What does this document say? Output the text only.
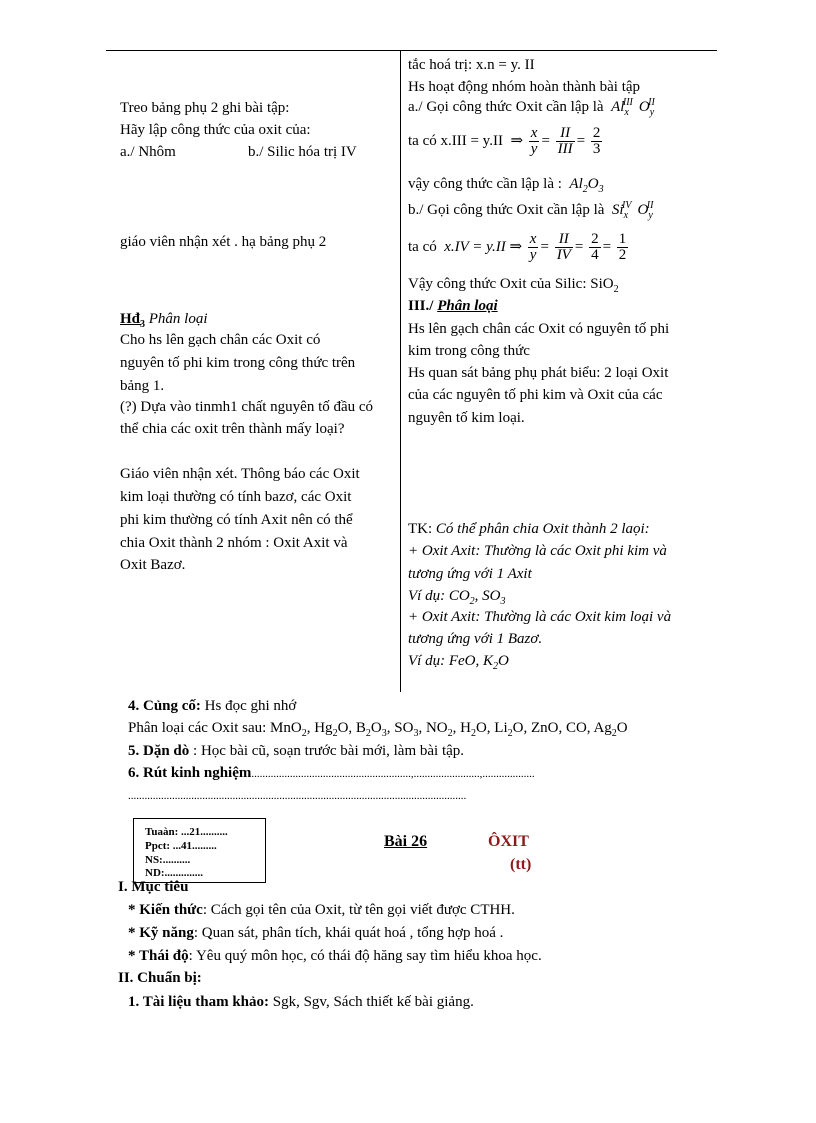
Treo bảng phụ 2 ghi bài tập:
Hãy lập công thức của oxit của:
a./ Nhôm	b./ Silic hóa trị IV
giáo viên nhận xét . hạ bảng phụ 2
$Hđ_3$ Phân loại
Cho hs lên gạch chân các Oxit có
nguyên tố phi kim trong công thức trên
bảng 1.
(?) Dựa vào tinmh1 chất nguyên tố đầu có
thể chia các oxit trên thành mấy loại?
Giáo viên nhận xét. Thông báo các Oxit
kim loại thường có tính bazơ, các Oxit
phi kim thường có tính Axit nên có thể
chia Oxit thành 2 nhóm : Oxit Axit và
Oxit Bazơ.
tắc hoá trị: x.n = y. II
Hs hoạt động nhóm hoàn thành bài tập
a./ Gọi công thức Oxit cần lập là  $Al_x^{III}$ $O_y^{II}$
ta có x.III = y.II  ⇒ $\frac{x}{y} = \frac{II}{\text{III}} = \frac{2}{3}$
vậy công thức cần lập là :  $Al_2O_3$
b./ Gọi công thức Oxit cần lập là  $Si_x^{IV}$ $O_y^{II}$
ta có  x.IV = y.II ⇒ $\frac{x}{y} = \frac{II}{IV} = \frac{2}{4} = \frac{1}{2}$
Vậy công thức Oxit của Silic: SiO$_2$
III./ Phân loại
Hs lên gạch chân các Oxit có nguyên tố phi
kim trong công thức
Hs quan sát bảng phụ phát biểu: 2 loại Oxit
của các nguyên tố phi kim và Oxit của các
nguyên tố kim loại.
TK: Có thể phân chia Oxit thành 2 laọi:
+ Oxit Axit: Thường là các Oxit phi kim và
tương ứng với 1 Axit
Ví dụ: $CO_2$, $SO_3$
+ Oxit Axit: Thường là các Oxit kim loại và
tương ứng với 1 Bazơ.
Ví dụ: FeO, $K_2O$
4. Củng cố: Hs đọc ghi nhớ
Phân loại các Oxit sau: MnO$_2$, $Hg_2O$, $B_2O_3$, $SO_3$, $NO_2$, $H_2O$, $Li_2O$, ZnO, CO, $Ag_2O$
5. Dặn dò : Học bài cũ, soạn trước bài mới, làm bài tập.
6. Rút kinh nghiệm..........................................................,........................,...................
...........................................................................................................................
Tuaàn: ...21..........
Ppct: ...41.........
NS:..........
ND:..............
Bài 26	ÔXIT
(tt)
I. Mục tiêu
* Kiến thức: Cách gọi tên của Oxit, từ tên gọi viết được CTHH.
* Kỹ năng: Quan sát, phân tích, khái quát hoá , tổng hợp hoá .
* Thái độ: Yêu quý môn học, có thái độ hăng say tìm hiểu khoa học.
II. Chuẩn bị:
1. Tài liệu tham khảo: Sgk, Sgv, Sách thiết kế bài giảng.
